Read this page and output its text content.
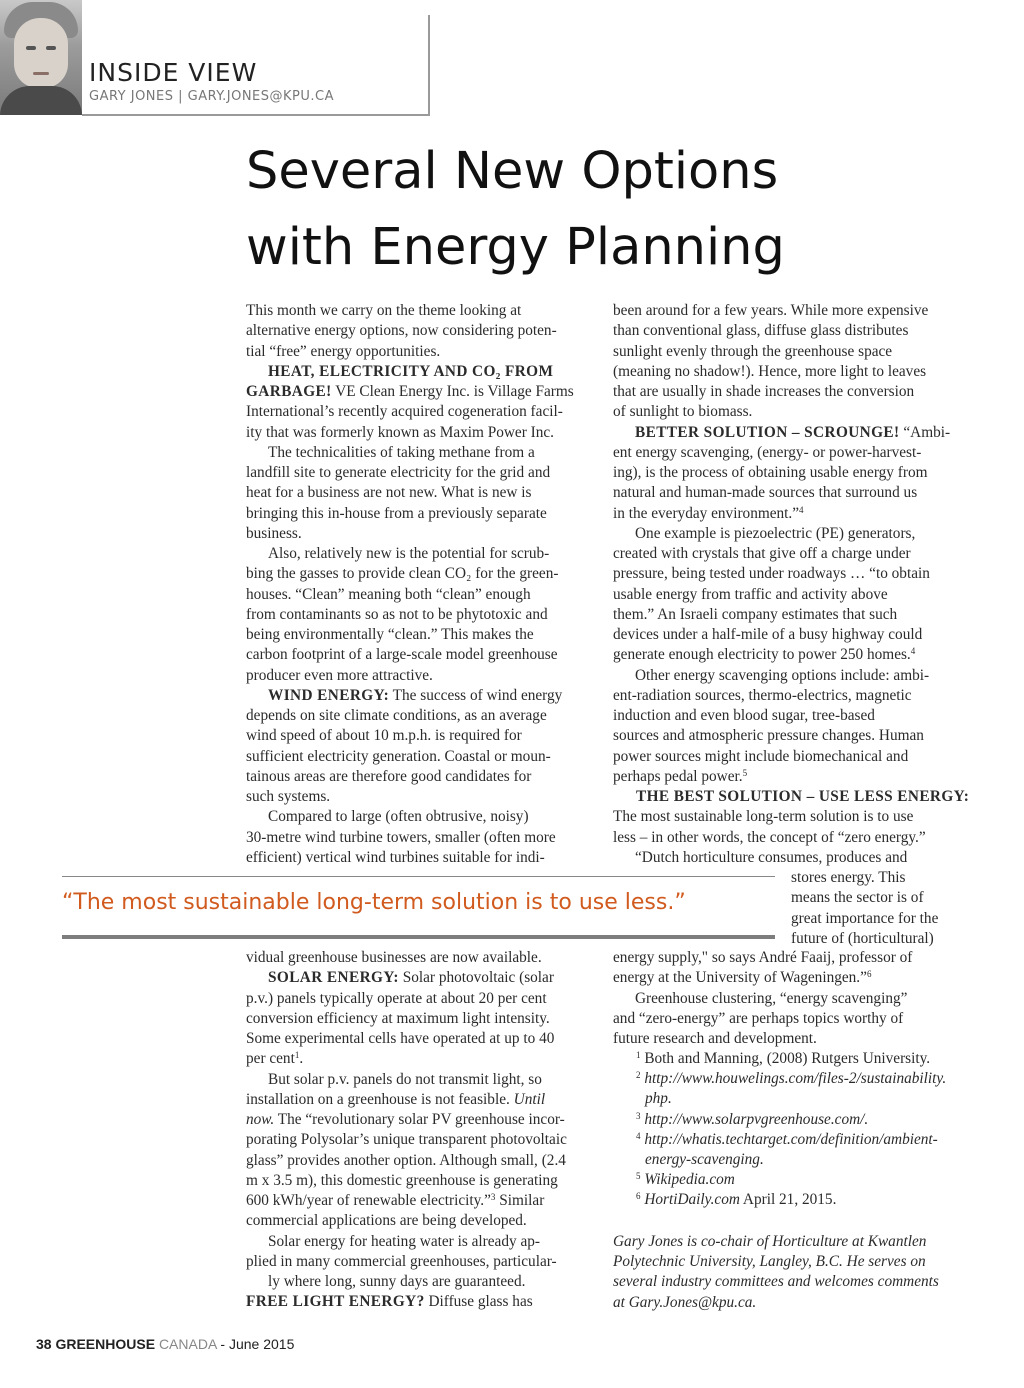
INSIDE VIEW
GARY JONES | GARY.JONES@KPU.CA
Several New Options
with Energy Planning
This month we carry on the theme looking at
alternative energy options, now considering poten-
tial “free” energy opportunities.
HEAT, ELECTRICITY AND CO₂ FROM
GARBAGE! VE Clean Energy Inc. is Village Farms
International’s recently acquired cogeneration facil-
ity that was formerly known as Maxim Power Inc.
The technicalities of taking methane from a
landfill site to generate electricity for the grid and
heat for a business are not new. What is new is
bringing this in-house from a previously separate
business.
Also, relatively new is the potential for scrub-
bing the gasses to provide clean CO₂ for the green-
houses. “Clean” meaning both “clean” enough
from contaminants so as not to be phytotoxic and
being environmentally “clean.” This makes the
carbon footprint of a large-scale model greenhouse
producer even more attractive.
WIND ENERGY: The success of wind energy
depends on site climate conditions, as an average
wind speed of about 10 m.p.h. is required for
sufficient electricity generation. Coastal or moun-
tainous areas are therefore good candidates for
such systems.
Compared to large (often obtrusive, noisy)
30-metre wind turbine towers, smaller (often more
efficient) vertical wind turbines suitable for indi-
vidual greenhouse businesses are now available.
SOLAR ENERGY: Solar photovoltaic (solar
p.v.) panels typically operate at about 20 per cent
conversion efficiency at maximum light intensity.
Some experimental cells have operated at up to 40
per cent$^1$.
But solar p.v. panels do not transmit light, so
installation on a greenhouse is not feasible. Until
now. The “revolutionary solar PV greenhouse incor-
porating Polysolar’s unique transparent photovoltaic
glass” provides another option. Although small, (2.4
m x 3.5 m), this domestic greenhouse is generating
600 kWh/year of renewable electricity.”$^3$ Similar
commercial applications are being developed.
Solar energy for heating water is already ap-
plied in many commercial greenhouses, particular-
ly where long, sunny days are guaranteed.
FREE LIGHT ENERGY? Diffuse glass has
been around for a few years. While more expensive
than conventional glass, diffuse glass distributes
sunlight evenly through the greenhouse space
(meaning no shadow!). Hence, more light to leaves
that are usually in shade increases the conversion
of sunlight to biomass.
BETTER SOLUTION – SCROUNGE! “Ambi-
ent energy scavenging, (energy- or power-harvest-
ing), is the process of obtaining usable energy from
natural and human-made sources that surround us
in the everyday environment.”$^4$
One example is piezoelectric (PE) generators,
created with crystals that give off a charge under
pressure, being tested under roadways … “to obtain
usable energy from traffic and activity above
them.” An Israeli company estimates that such
devices under a half-mile of a busy highway could
generate enough electricity to power 250 homes.$^4$
Other energy scavenging options include: ambi-
ent-radiation sources, thermo-electrics, magnetic
induction and even blood sugar, tree-based
sources and atmospheric pressure changes. Human
power sources might include biomechanical and
perhaps pedal power.$^5$
THE BEST SOLUTION – USE LESS ENERGY:
The most sustainable long-term solution is to use
less – in other words, the concept of “zero energy.”
“Dutch horticulture consumes, produces and
stores energy. This
means the sector is of
great importance for the
future of (horticultural)
energy supply," so says André Faaij, professor of
energy at the University of Wageningen.”$^6$
Greenhouse clustering, “energy scavenging”
and “zero-energy” are perhaps topics worthy of
future research and development.
$^1$ Both and Manning, (2008) Rutgers University.
$^2$ http://www.houwelings.com/files-2/sustainability.
php.
$^3$ http://www.solarpvgreenhouse.com/.
$^4$ http://whatis.techtarget.com/definition/ambient-
energy-scavenging.
$^5$ Wikipedia.com
$^6$ HortiDaily.com April 21, 2015.
Gary Jones is co-chair of Horticulture at Kwantlen
Polytechnic University, Langley, B.C. He serves on
several industry committees and welcomes comments
at Gary.Jones@kpu.ca.
“The most sustainable long-term solution is to use less.”
38 GREENHOUSE CANADA - June 2015
